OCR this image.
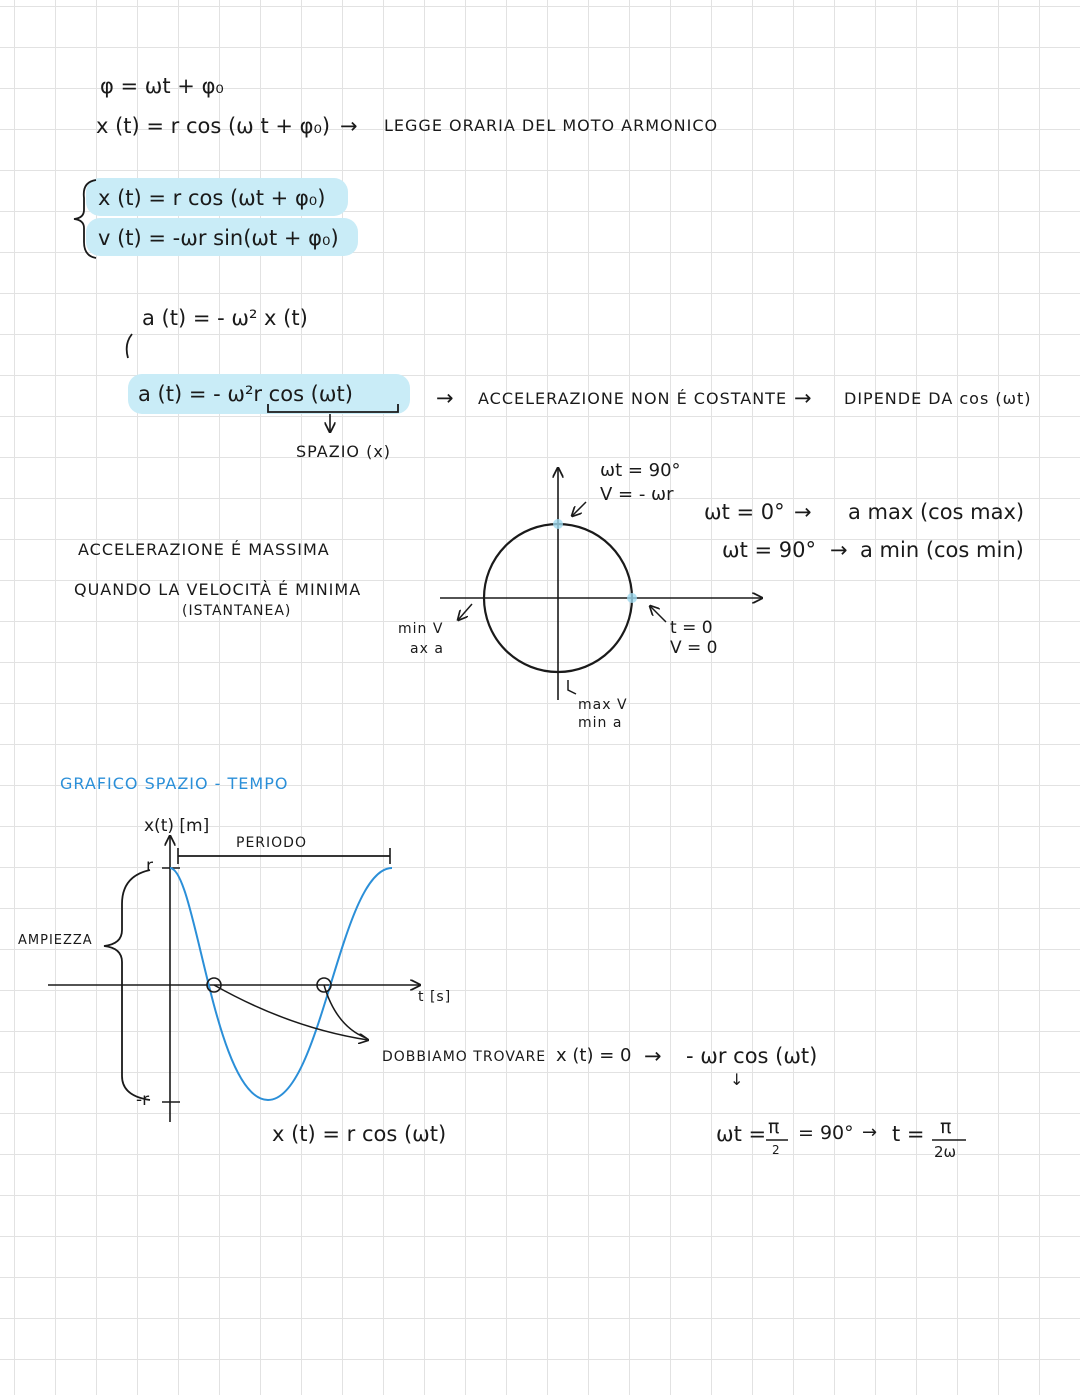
φ = ωt + φ₀
x (t) = r cos (ω t + φ₀) → LEGGE ORARIA DEL MOTO ARMONICO
x (t) = r cos (ωt + φ₀)
v (t) = -ωr sin(ωt + φ₀)
a (t) = - ω² x (t)
a (t) = - ω²r cos (ωt)
SPAZIO (x)
→ ACCELERAZIONE NON É COSTANTE → DIPENDE DA cos (ωt)
ACCELERAZIONE É MASSIMA
QUANDO LA VELOCITÀ É MINIMA
(ISTANTANEA)
ωt = 90°
V = - ωr
t = 0
V = 0
min V
ax a
max V
min a
ωt = 0° → a max (cos max)
ωt = 90° → a min (cos min)
GRAFICO SPAZIO - TEMPO
x(t) [m]
t [s]
PERIODO
AMPIEZZA
r
-r
x (t) = r cos (ωt)
DOBBIAMO TROVARE x (t) = 0 → - ωr cos (ωt)
↓
ωt = π
2
= 90° → t = π
2ω
